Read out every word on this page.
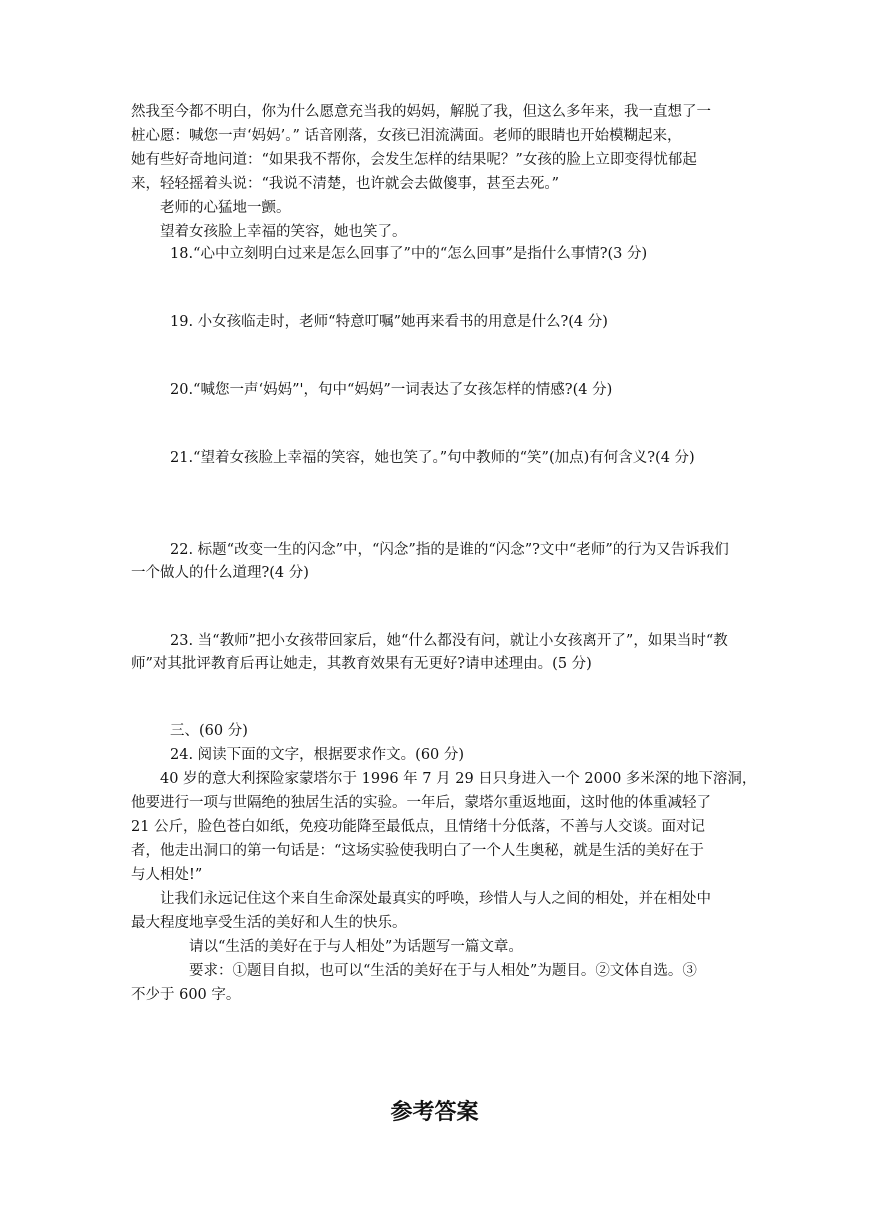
然我至今都不明白，你为什么愿意充当我的妈妈，解脱了我，但这么多年来，我一直想了一
桩心愿：喊您一声‘妈妈’。” 话音刚落，女孩已泪流满面。老师的眼睛也开始模糊起来，
她有些好奇地问道：“如果我不帮你，会发生怎样的结果呢？”女孩的脸上立即变得忧郁起
来，轻轻摇着头说：“我说不清楚，也许就会去做傻事，甚至去死。”
老师的心猛地一颤。
望着女孩脸上幸福的笑容，她也笑了。
18.“心中立刻明白过来是怎么回事了”中的“怎么回事”是指什么事情?(3 分)
19. 小女孩临走时，老师“特意叮嘱”她再来看书的用意是什么?(4 分)
20.“喊您一声‘妈妈”'，句中“妈妈”一词表达了女孩怎样的情感?(4 分)
21.“望着女孩脸上幸福的笑容，她也笑了。”句中教师的“笑”(加点)有何含义?(4 分)
22. 标题“改变一生的闪念”中，“闪念”指的是谁的“闪念”?文中“老师”的行为又告诉我们一个做人的什么道理?(4 分)
23. 当“教师”把小女孩带回家后，她“什么都没有问，就让小女孩离开了”，如果当时“教师”对其批评教育后再让她走，其教育效果有无更好?请申述理由。(5 分)
三、(60 分)
24. 阅读下面的文字，根据要求作文。(60 分)
40 岁的意大利探险家蒙塔尔于 1996 年 7 月 29 日只身进入一个 2000 多米深的地下溶洞，
他要进行一项与世隔绝的独居生活的实验。一年后，蒙塔尔重返地面，这时他的体重减轻了
21 公斤，脸色苍白如纸，免疫功能降至最低点，且情绪十分低落，不善与人交谈。面对记
者，他走出洞口的第一句话是：“这场实验使我明白了一个人生奥秘，就是生活的美好在于
与人相处!”
让我们永远记住这个来自生命深处最真实的呼唤，珍惜人与人之间的相处，并在相处中
最大程度地享受生活的美好和人生的快乐。
请以“生活的美好在于与人相处”为话题写一篇文章。
要求：①题目自拟，也可以“生活的美好在于与人相处”为题目。②文体自选。③
不少于 600 字。
参考答案
